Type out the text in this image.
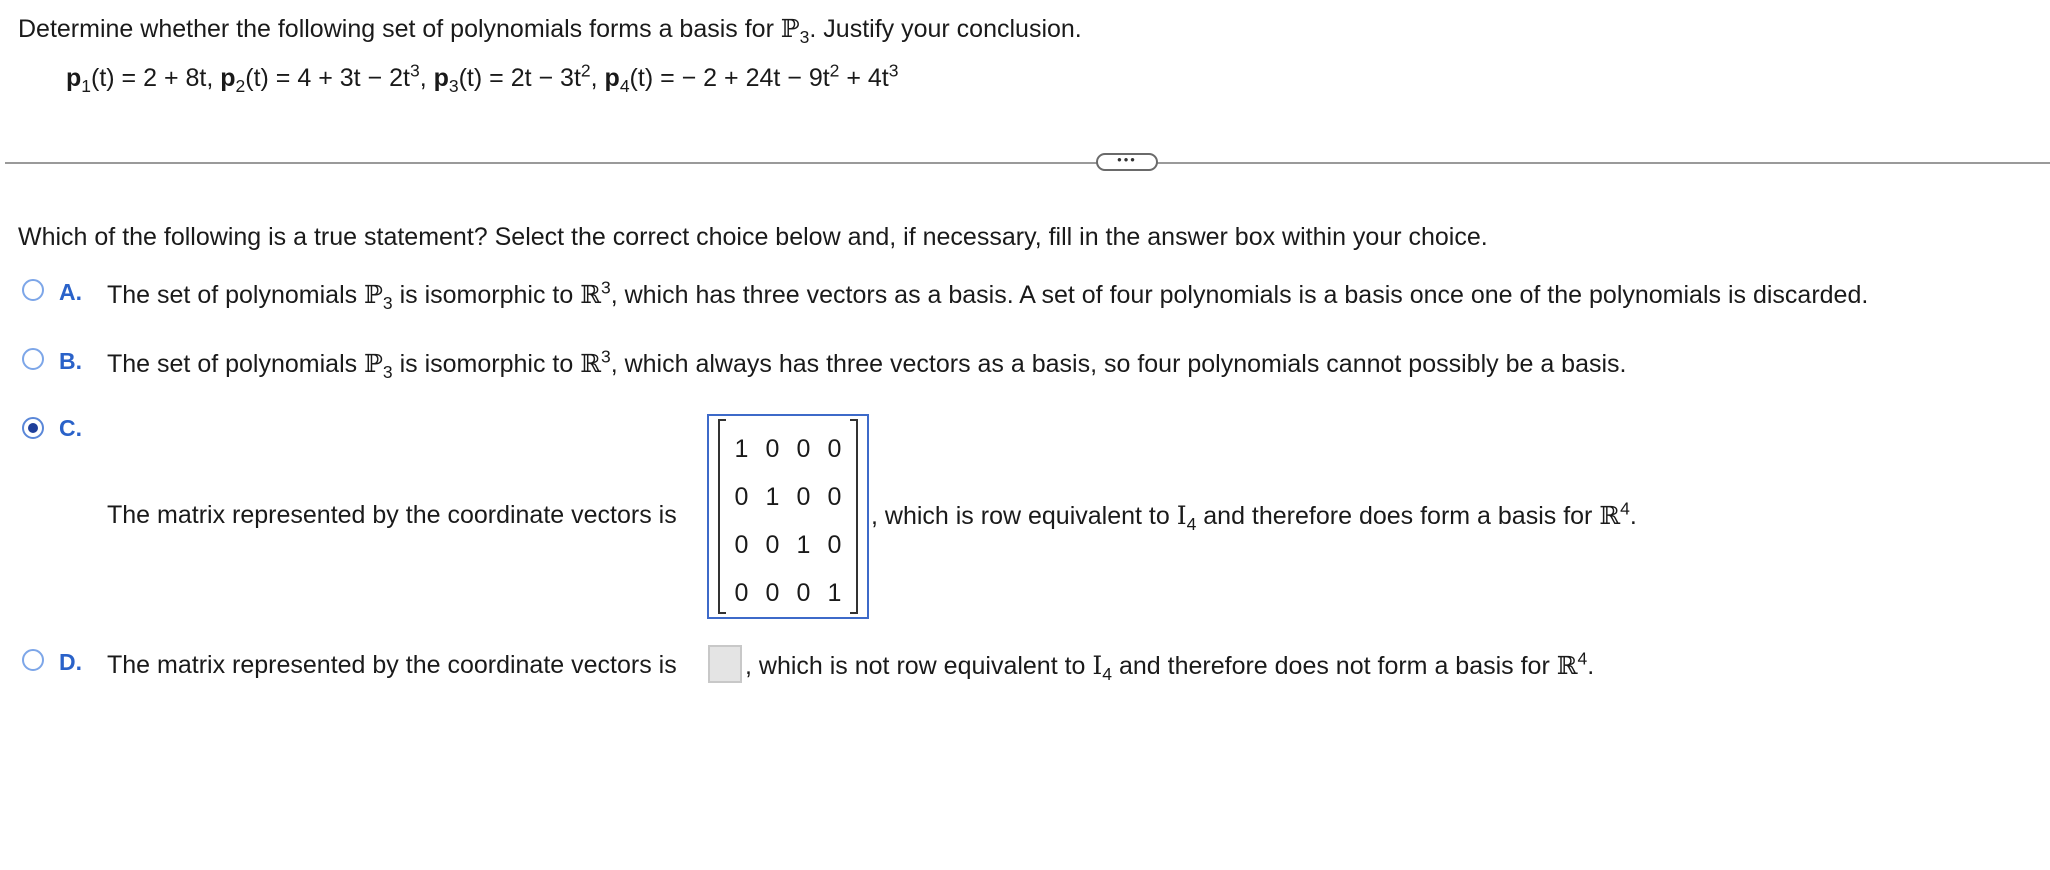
Determine whether the following set of polynomials forms a basis for ℙ$_3$. Justify your conclusion.
$p_1(t) = 2 + 8t$, $p_2(t) = 4 + 3t - 2t^3$, $p_3(t) = 2t - 3t^2$, $p_4(t)$ = − $2 + 24t - 9t^2 + 4t^3$
•••
Which of the following is a true statement? Select the correct choice below and, if necessary, fill in the answer box within your choice.
A. The set of polynomials ℙ$_3$ is isomorphic to ℝ$^3$, which has three vectors as a basis. A set of four polynomials is a basis once one of the polynomials is discarded.
B. The set of polynomials ℙ$_3$ is isomorphic to ℝ$^3$, which always has three vectors as a basis, so four polynomials cannot possibly be a basis.
C.
The matrix represented by the coordinate vectors is
1 0 0 0
0 1 0 0
0 0 1 0
0 0 0 1
, which is row equivalent to $I_4$ and therefore does form a basis for ℝ$^4$.
D. The matrix represented by the coordinate vectors is	, which is not row equivalent to $I_4$ and therefore does not form a basis for ℝ$^4$.
